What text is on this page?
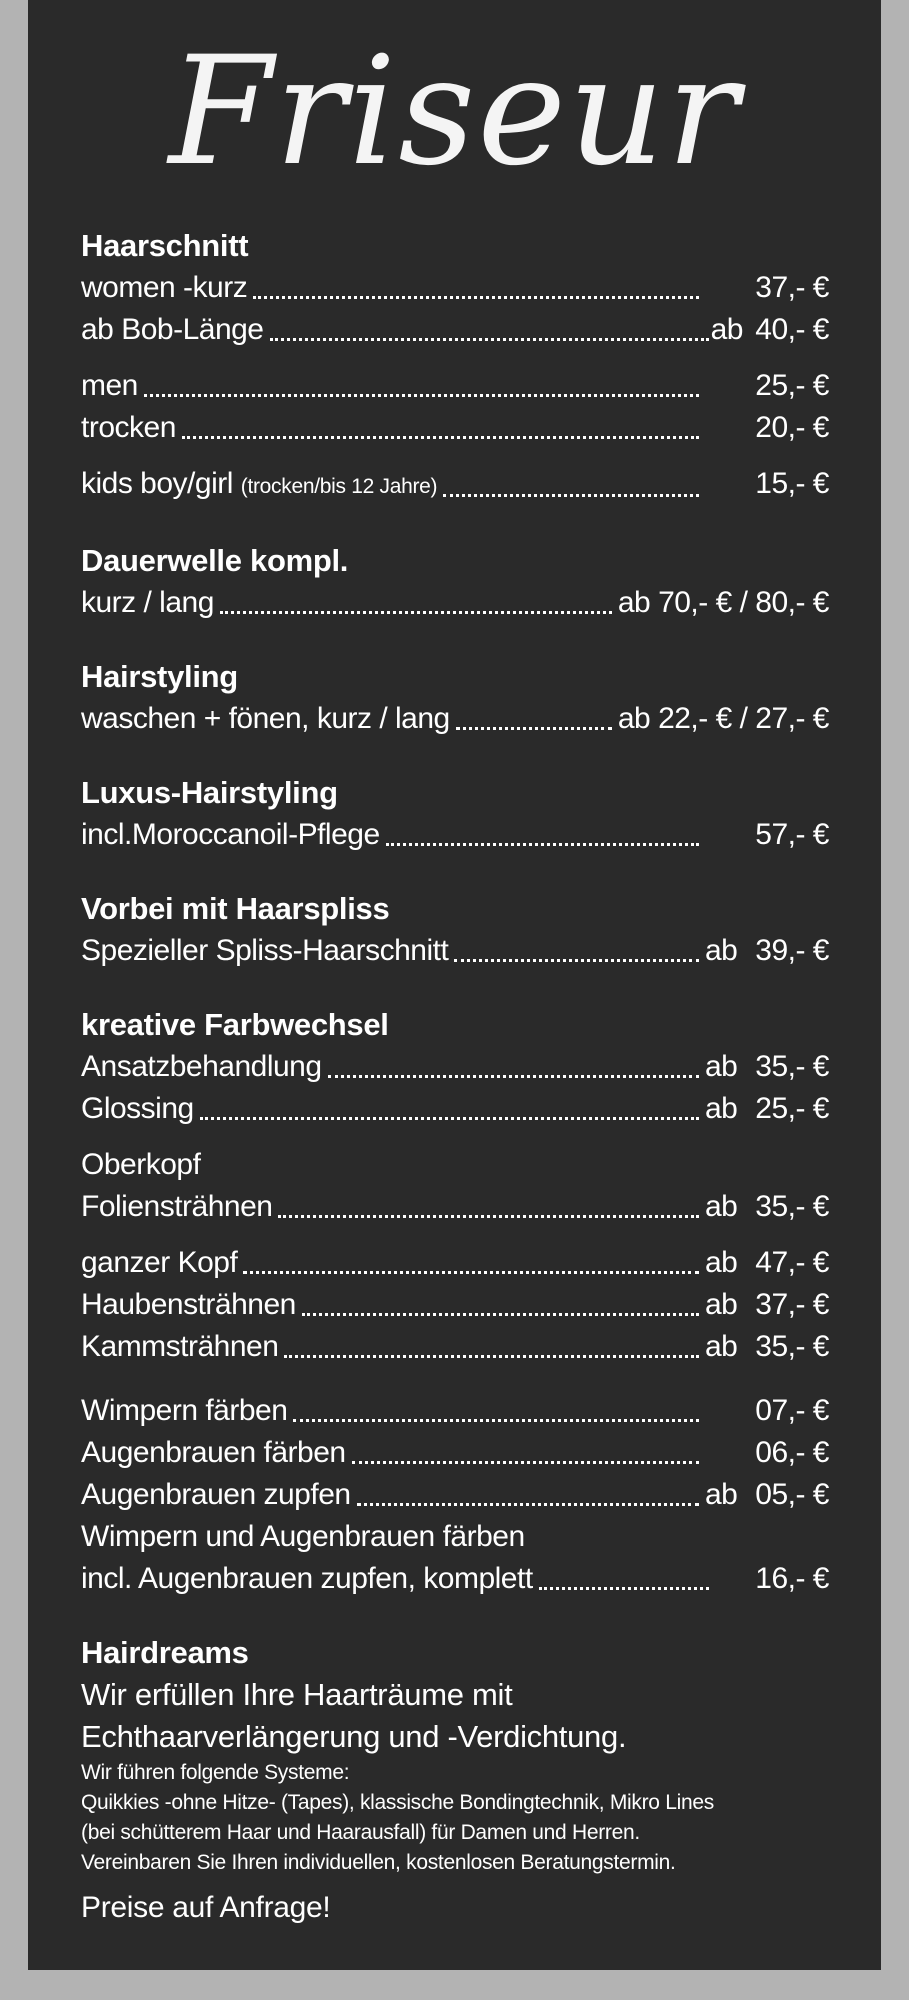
Friseur
Haarschnitt
women -kurz	37,- €
ab Bob-Länge	ab 40,- €
men	25,- €
trocken	20,- €
kids boy/girl (trocken/bis 12 Jahre)	15,- €
Dauerwelle kompl.
kurz / lang	ab 70,- € / 80,- €
Hairstyling
waschen + fönen, kurz / lang	ab 22,- € / 27,- €
Luxus-Hairstyling
incl.Moroccanoil-Pflege	57,- €
Vorbei mit Haarspliss
Spezieller Spliss-Haarschnitt	ab 39,- €
kreative Farbwechsel
Ansatzbehandlung	ab 35,- €
Glossing	ab 25,- €
Oberkopf
Foliensträhnen	ab 35,- €
ganzer Kopf	ab 47,- €
Haubensträhnen	ab 37,- €
Kammsträhnen	ab 35,- €
Wimpern färben	07,- €
Augenbrauen färben	06,- €
Augenbrauen zupfen	ab 05,- €
Wimpern und Augenbrauen färben
incl. Augenbrauen zupfen, komplett	16,- €
Hairdreams
Wir erfüllen Ihre Haarträume mit
Echthaarverlängerung und -Verdichtung.
Wir führen folgende Systeme:
Quikkies -ohne Hitze- (Tapes), klassische Bondingtechnik, Mikro Lines
(bei schütterem Haar und Haarausfall) für Damen und Herren.
Vereinbaren Sie Ihren individuellen, kostenlosen Beratungstermin.
Preise auf Anfrage!
